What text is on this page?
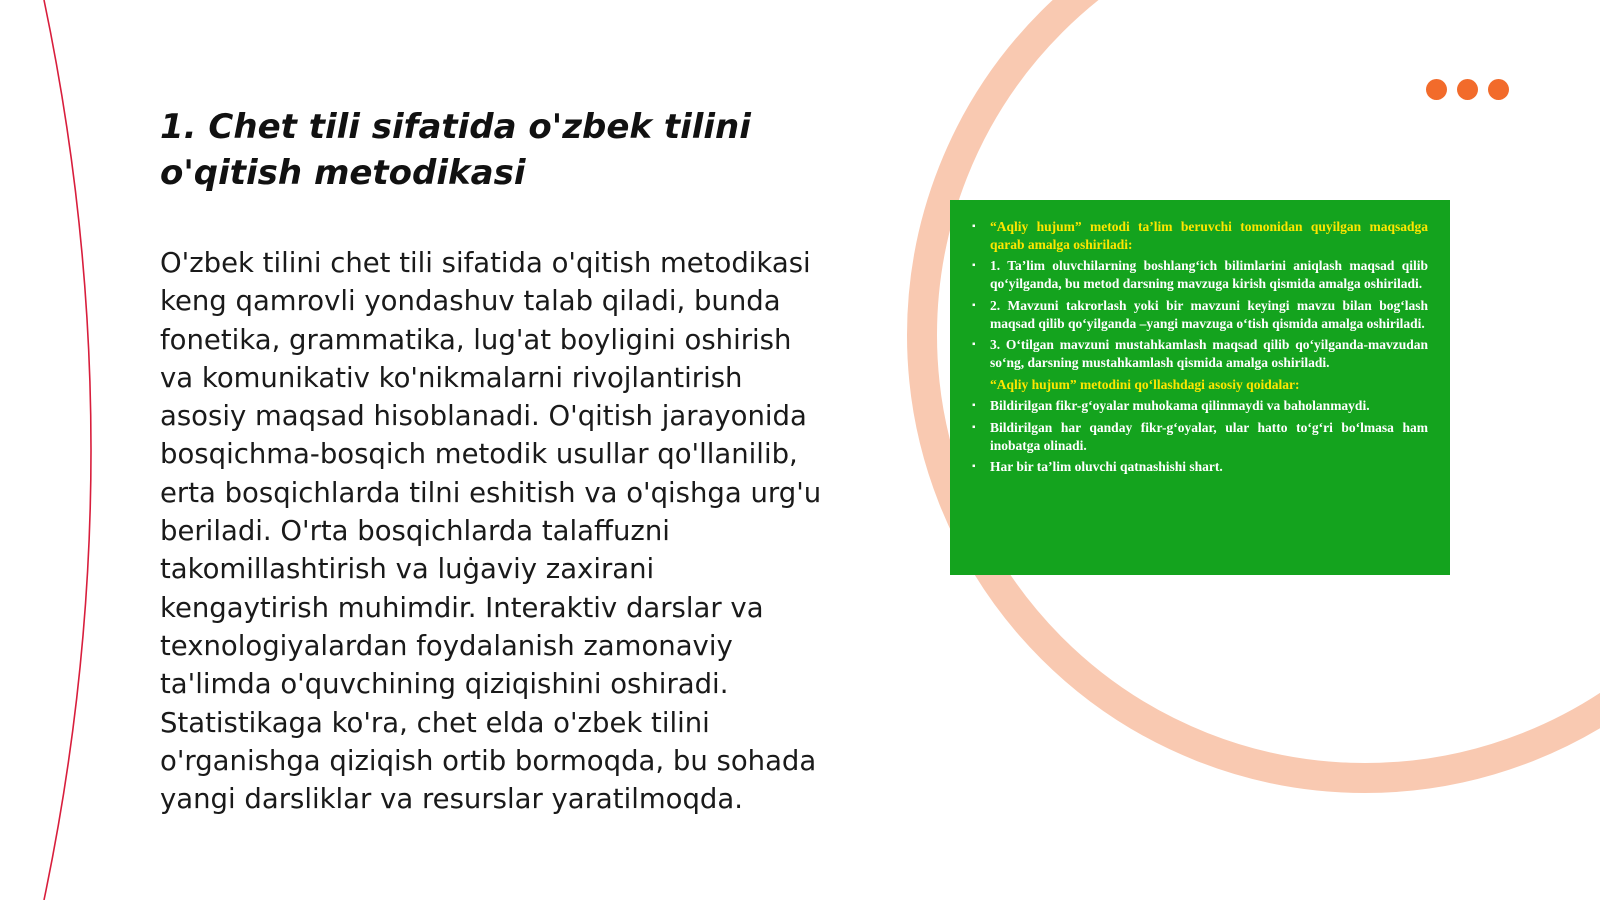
1. Chet tili sifatida o'zbek tilini o'qitish metodikasi

O'zbek tilini chet tili sifatida o'qitish metodikasi keng qamrovli yondashuv talab qiladi, bunda fonetika, grammatika, lug'at boyligini oshirish va komunikativ ko'nikmalarni rivojlantirish asosiy maqsad hisoblanadi. O'qitish jarayonida bosqichma-bosqich metodik usullar qo'llanilib, erta bosqichlarda tilni eshitish va o'qishga urg'u beriladi. O'rta bosqichlarda talaffuzni takomillashtirish va luġaviy zaxirani kengaytirish muhimdir. Interaktiv darslar va texnologiyalardan foydalanish zamonaviy ta'limda o'quvchining qiziqishini oshiradi. Statistikaga ko'ra, chet elda o'zbek tilini o'rganishga qiziqish ortib bormoqda, bu sohada yangi darsliklar va resurslar yaratilmoqda.

▪ “Aqliy hujum” metodi ta’lim beruvchi tomonidan quyilgan maqsadga qarab amalga oshiriladi:
▪ 1. Ta’lim oluvchilarning boshlang‘ich bilimlarini aniqlash maqsad qilib qo‘yilganda, bu metod darsning mavzuga kirish qismida amalga oshiriladi.
▪ 2. Mavzuni takrorlash yoki bir mavzuni keyingi mavzu bilan bog‘lash maqsad qilib qo‘yilganda –yangi mavzuga o‘tish qismida amalga oshiriladi.
▪ 3. O‘tilgan mavzuni mustahkamlash maqsad qilib qo‘yilganda-mavzudan so‘ng, darsning mustahkamlash qismida amalga oshiriladi.
“Aqliy hujum” metodini qo‘llashdagi asosiy qoidalar:
▪ Bildirilgan fikr-g‘oyalar muhokama qilinmaydi va baholanmaydi.
▪ Bildirilgan har qanday fikr-g‘oyalar, ular hatto to‘g‘ri bo‘lmasa ham inobatga olinadi.
▪ Har bir ta’lim oluvchi qatnashishi shart.
